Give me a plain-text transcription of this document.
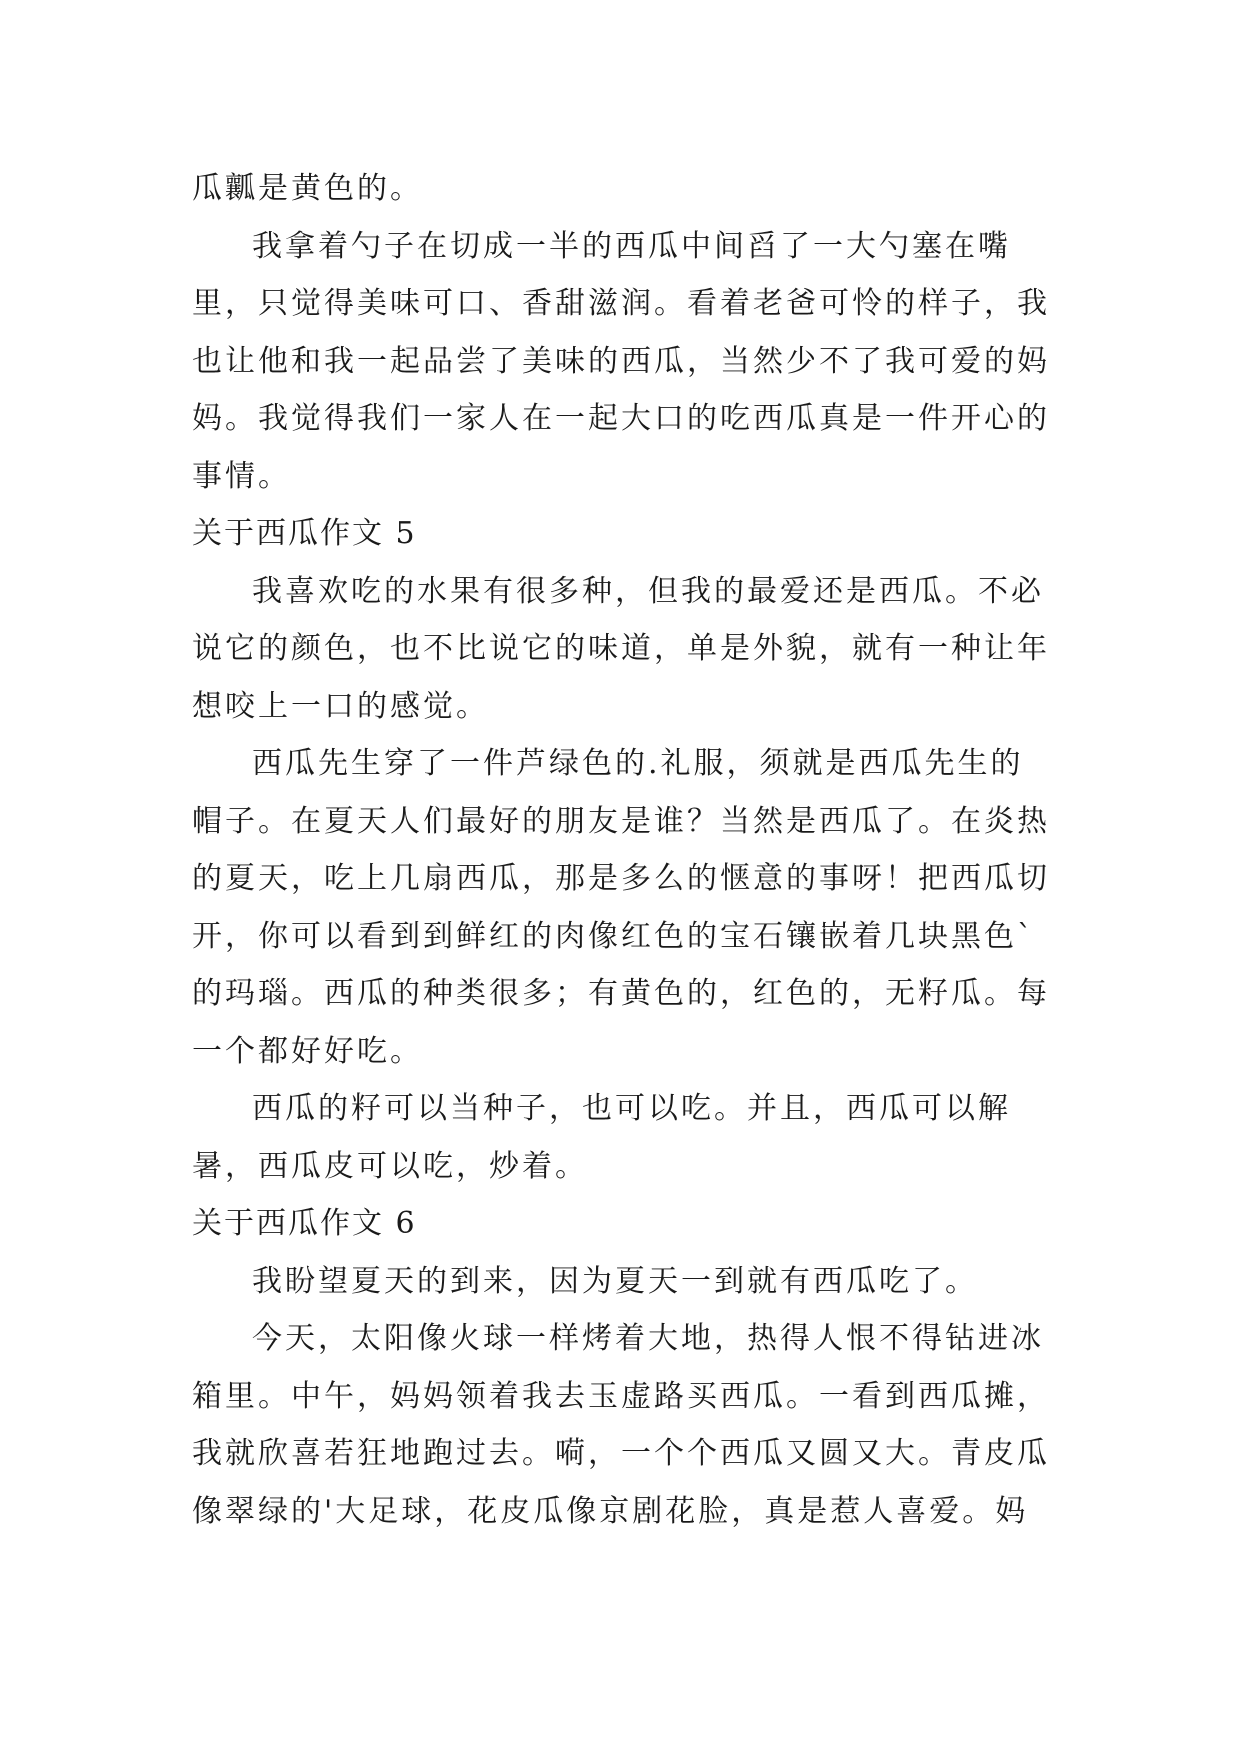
瓜瓤是黄色的。

我拿着勺子在切成一半的西瓜中间舀了一大勺塞在嘴里，只觉得美味可口、香甜滋润。看着老爸可怜的样子，我也让他和我一起品尝了美味的西瓜，当然少不了我可爱的妈妈。我觉得我们一家人在一起大口的吃西瓜真是一件开心的事情。

关于西瓜作文 5

我喜欢吃的水果有很多种，但我的最爱还是西瓜。不必说它的颜色，也不比说它的味道，单是外貌，就有一种让年想咬上一口的感觉。

西瓜先生穿了一件芦绿色的.礼服，须就是西瓜先生的帽子。在夏天人们最好的朋友是谁？当然是西瓜了。在炎热的夏天，吃上几扇西瓜，那是多么的惬意的事呀！把西瓜切开，你可以看到到鲜红的肉像红色的宝石镶嵌着几块黑色`的玛瑙。西瓜的种类很多；有黄色的，红色的，无籽瓜。每一个都好好吃。

西瓜的籽可以当种子，也可以吃。并且，西瓜可以解暑，西瓜皮可以吃，炒着。

关于西瓜作文 6

我盼望夏天的到来，因为夏天一到就有西瓜吃了。

今天，太阳像火球一样烤着大地，热得人恨不得钻进冰箱里。中午，妈妈领着我去玉虚路买西瓜。一看到西瓜摊，我就欣喜若狂地跑过去。嗬，一个个西瓜又圆又大。青皮瓜像翠绿的'大足球，花皮瓜像京剧花脸，真是惹人喜爱。妈
